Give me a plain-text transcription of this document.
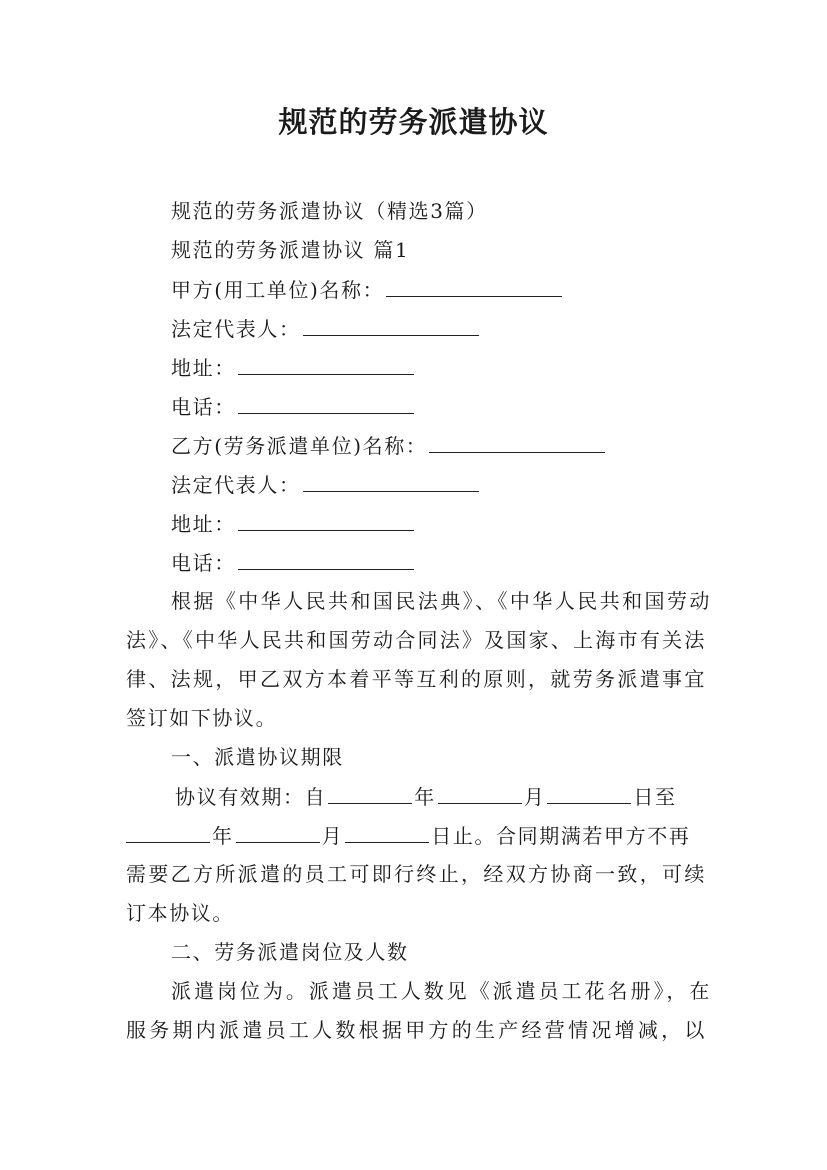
规范的劳务派遣协议
规范的劳务派遣协议（精选3篇）
规范的劳务派遣协议 篇1
甲方(用工单位)名称：
法定代表人：
地址：
电话：
乙方(劳务派遣单位)名称：
法定代表人：
地址：
电话：
根据《中华人民共和国民法典》、《中华人民共和国劳动
法》、《中华人民共和国劳动合同法》及国家、上海市有关法
律、法规，甲乙双方本着平等互利的原则，就劳务派遣事宜
签订如下协议。
一、派遣协议期限
协议有效期：自	年	月	日至
年	月	日止。合同期满若甲方不再
需要乙方所派遣的员工可即行终止，经双方协商一致，可续
订本协议。
二、劳务派遣岗位及人数
派遣岗位为。派遣员工人数见《派遣员工花名册》，在
服务期内派遣员工人数根据甲方的生产经营情况增减，以
